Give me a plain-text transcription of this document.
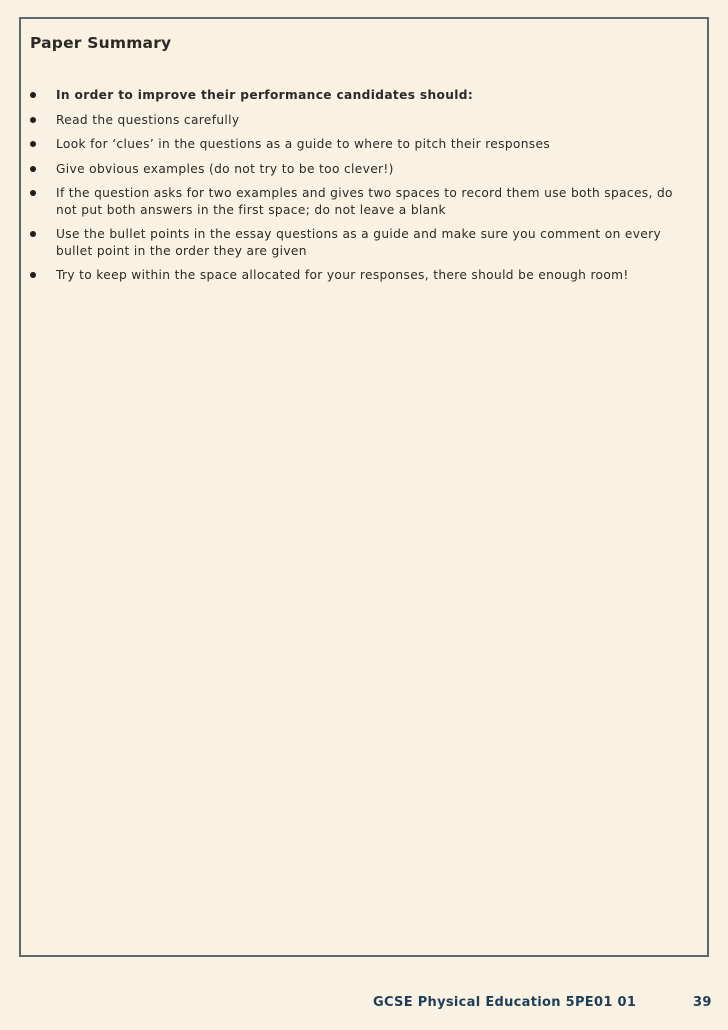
Paper Summary
In order to improve their performance candidates should:
Read the questions carefully
Look for ‘clues’ in the questions as a guide to where to pitch their responses
Give obvious examples (do not try to be too clever!)
If the question asks for two examples and gives two spaces to record them use both spaces, do not put both answers in the first space; do not leave a blank
Use the bullet points in the essay questions as a guide and make sure you comment on every bullet point in the order they are given
Try to keep within the space allocated for your responses, there should be enough room!
GCSE Physical Education 5PE01 01	39
